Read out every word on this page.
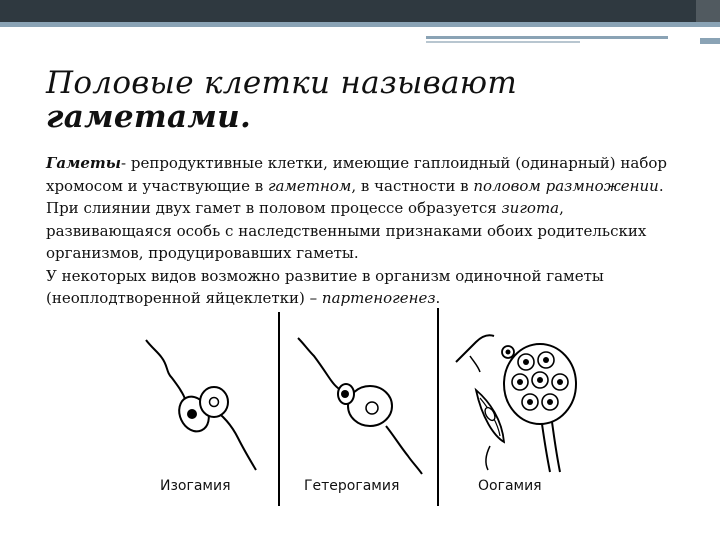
Половые клетки называют
гаметами.

Гаметы- репродуктивные клетки, имеющие гаплоидный (одинарный) набор хромосом и участвующие в гаметном, в частности в половом размножении. При слиянии двух гамет в половом процессе образуется зигота, развивающаяся особь с наследственными признаками обоих родительских организмов, продуцировавших гаметы.

У некоторых видов возможно развитие в организм одиночной гаметы (неоплодтворенной яйцеклетки) – партеногенез.

Изогамия	Гетерогамия	Оогамия
